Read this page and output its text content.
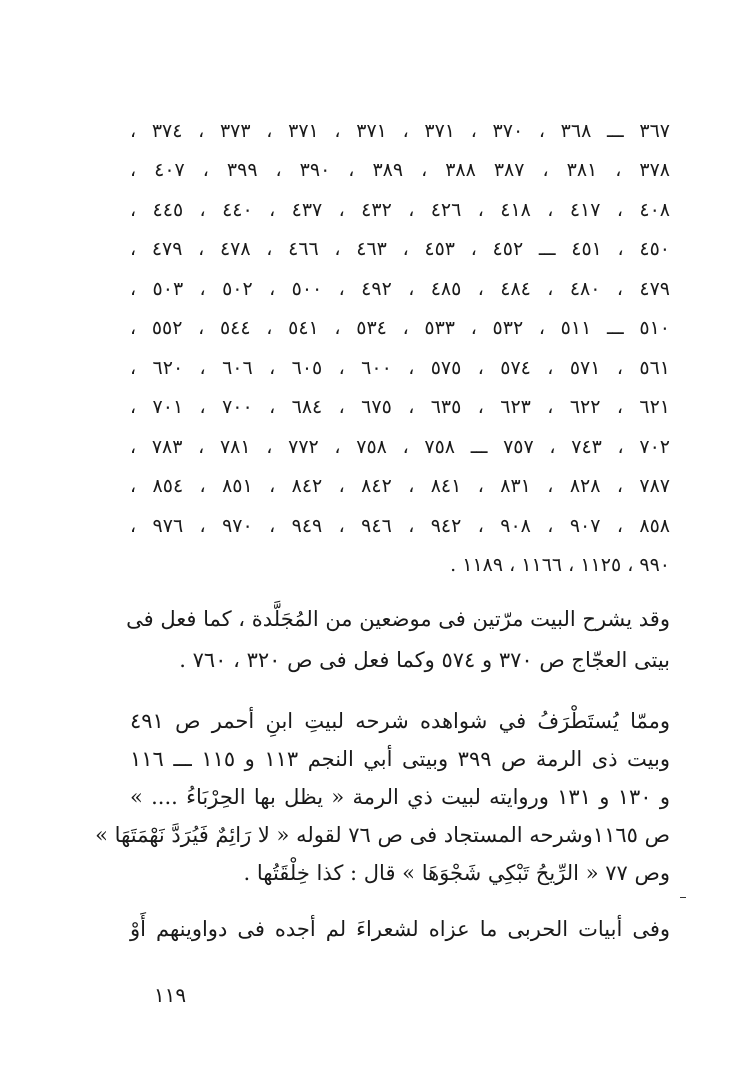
٣٦٧ ـــ ٣٦٨ ، ٣٧٠ ، ٣٧١ ، ٣٧١ ، ٣٧١ ، ٣٧٣ ، ٣٧٤ ،
٣٧٨ ، ٣٨١ ، ٣٨٧ ٣٨٨ ، ٣٨٩ ، ٣٩٠ ، ٣٩٩ ، ٤٠٧ ،
٤٠٨ ، ٤١٧ ، ٤١٨ ، ٤٢٦ ، ٤٣٢ ، ٤٣٧ ، ٤٤٠ ، ٤٤٥ ،
٤٥٠ ، ٤٥١ ـــ ٤٥٢ ، ٤٥٣ ، ٤٦٣ ، ٤٦٦ ، ٤٧٨ ، ٤٧٩ ،
٤٧٩ ، ٤٨٠ ، ٤٨٤ ، ٤٨٥ ، ٤٩٢ ، ٥٠٠ ، ٥٠٢ ، ٥٠٣ ،
٥١٠ ـــ ٥١١ ، ٥٣٢ ، ٥٣٣ ، ٥٣٤ ، ٥٤١ ، ٥٤٤ ، ٥٥٢ ،
٥٦١ ، ٥٧١ ، ٥٧٤ ، ٥٧٥ ، ٦٠٠ ، ٦٠٥ ، ٦٠٦ ، ٦٢٠ ،
٦٢١ ، ٦٢٢ ، ٦٢٣ ، ٦٣٥ ، ٦٧٥ ، ٦٨٤ ، ٧٠٠ ، ٧٠١ ،
٧٠٢ ، ٧٤٣ ، ٧٥٧ ـــ ٧٥٨ ، ٧٥٨ ، ٧٧٢ ، ٧٨١ ، ٧٨٣ ،
٧٨٧ ، ٨٢٨ ، ٨٣١ ، ٨٤١ ، ٨٤٢ ، ٨٤٢ ، ٨٥١ ، ٨٥٤ ،
٨٥٨ ، ٩٠٧ ، ٩٠٨ ، ٩٤٢ ، ٩٤٦ ، ٩٤٩ ، ٩٧٠ ، ٩٧٦ ،
٩٩٠ ، ١١٢٥ ، ١١٦٦ ، ١١٨٩ .
وقد يشرح البيت مرّتين فى موضعين من المُجَلَّدة ، كما فعل فى
بيتى العجّاج ص ٣٧٠ و ٥٧٤ وكما فعل فى ص ٣٢٠ ، ٧٦٠ .
وممّا يُستَطْرَفُ في شواهده شرحه لبيتِ ابنِ أحمر ص ٤٩١
وبيت ذى الرمة ص ٣٩٩ وبيتى أبي النجم ١١٣ و ١١٥ ـــ ١١٦
و ١٣٠ و ١٣١ وروايته لبيت ذي الرمة « يظل بها الحِرْبَاءُ .... »
ص ١١٦٥وشرحه المستجاد فى ص ٧٦ لقوله « لا رَائِمٌ فَيُرَدَّ نَهْمَتَهَا »
وص ٧٧ « الرِّيحُ تَبْكِي شَجْوَهَا » قال : كذا خِلْقَتُها .
وفى أبيات الحربى ما عزاه لشعراءَ لم أجده فى دواوينهم أَوْ
١١٩
